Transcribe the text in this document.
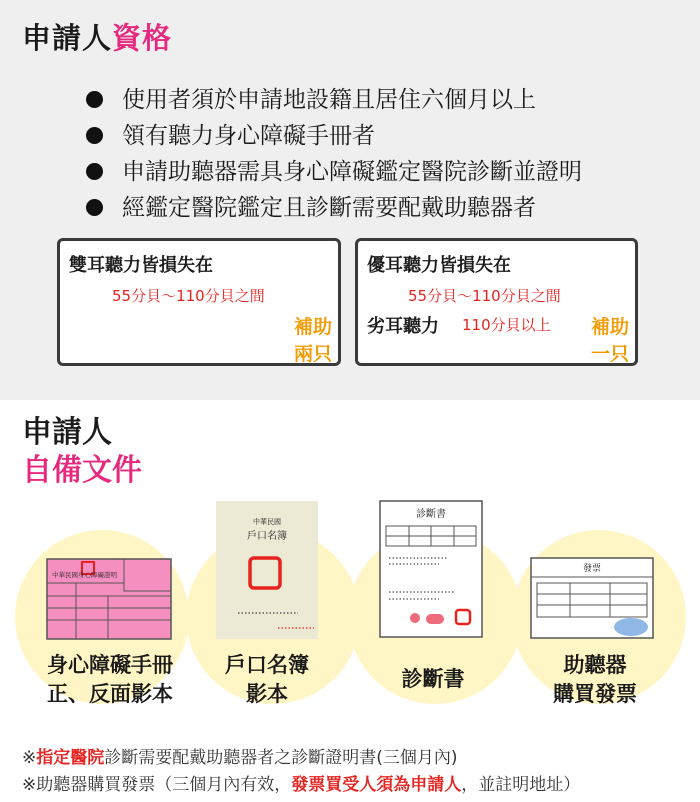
申請人資格
使用者須於申請地設籍且居住六個月以上
領有聽力身心障礙手冊者
申請助聽器需具身心障礙鑑定醫院診斷並證明
經鑑定醫院鑑定且診斷需要配戴助聽器者
雙耳聽力皆損失在
55分貝～110分貝之間
補助
兩只
優耳聽力皆損失在
55分貝～110分貝之間
劣耳聽力 110分貝以上 補助
一只
申請人
自備文件
中華民國身心障礙證明
中華民國
戶口名簿
診斷書
發票
身心障礙手冊
正、反面影本
戶口名簿
影本
診斷書
助聽器
購買發票
※指定醫院診斷需要配戴助聽器者之診斷證明書(三個月內)
※助聽器購買發票（三個月內有效，發票買受人須為申請人，並註明地址）
